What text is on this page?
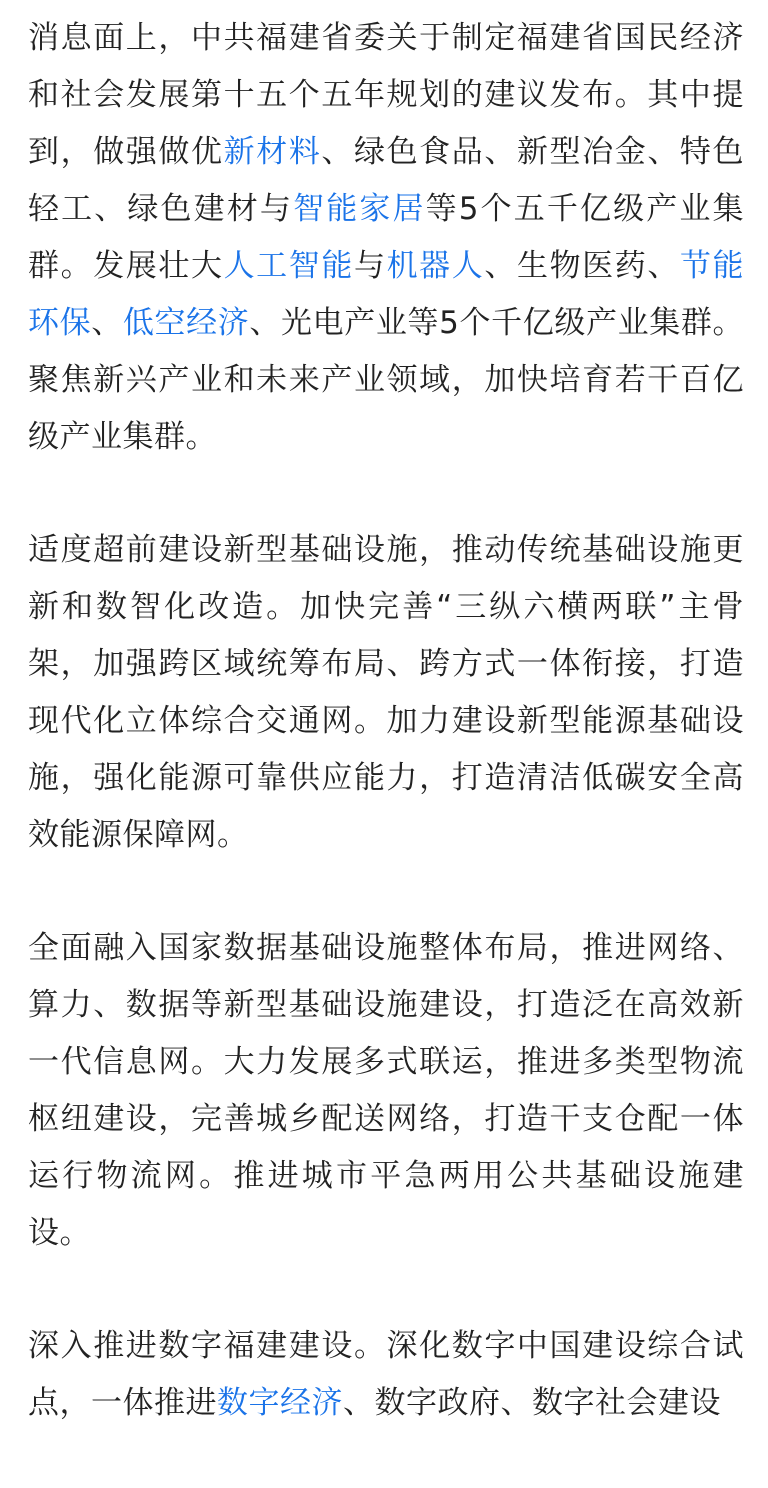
消息面上，中共福建省委关于制定福建省国民经济和社会发展第十五个五年规划的建议发布。其中提到，做强做优新材料、绿色食品、新型冶金、特色轻工、绿色建材与智能家居等5个五千亿级产业集群。发展壮大人工智能与机器人、生物医药、节能环保、低空经济、光电产业等5个千亿级产业集群。聚焦新兴产业和未来产业领域，加快培育若干百亿级产业集群。

适度超前建设新型基础设施，推动传统基础设施更新和数智化改造。加快完善“三纵六横两联”主骨架，加强跨区域统筹布局、跨方式一体衔接，打造现代化立体综合交通网。加力建设新型能源基础设施，强化能源可靠供应能力，打造清洁低碳安全高效能源保障网。

全面融入国家数据基础设施整体布局，推进网络、算力、数据等新型基础设施建设，打造泛在高效新一代信息网。大力发展多式联运，推进多类型物流枢纽建设，完善城乡配送网络，打造干支仓配一体运行物流网。推进城市平急两用公共基础设施建设。

深入推进数字福建建设。深化数字中国建设综合试点，一体推进数字经济、数字政府、数字社会建设
